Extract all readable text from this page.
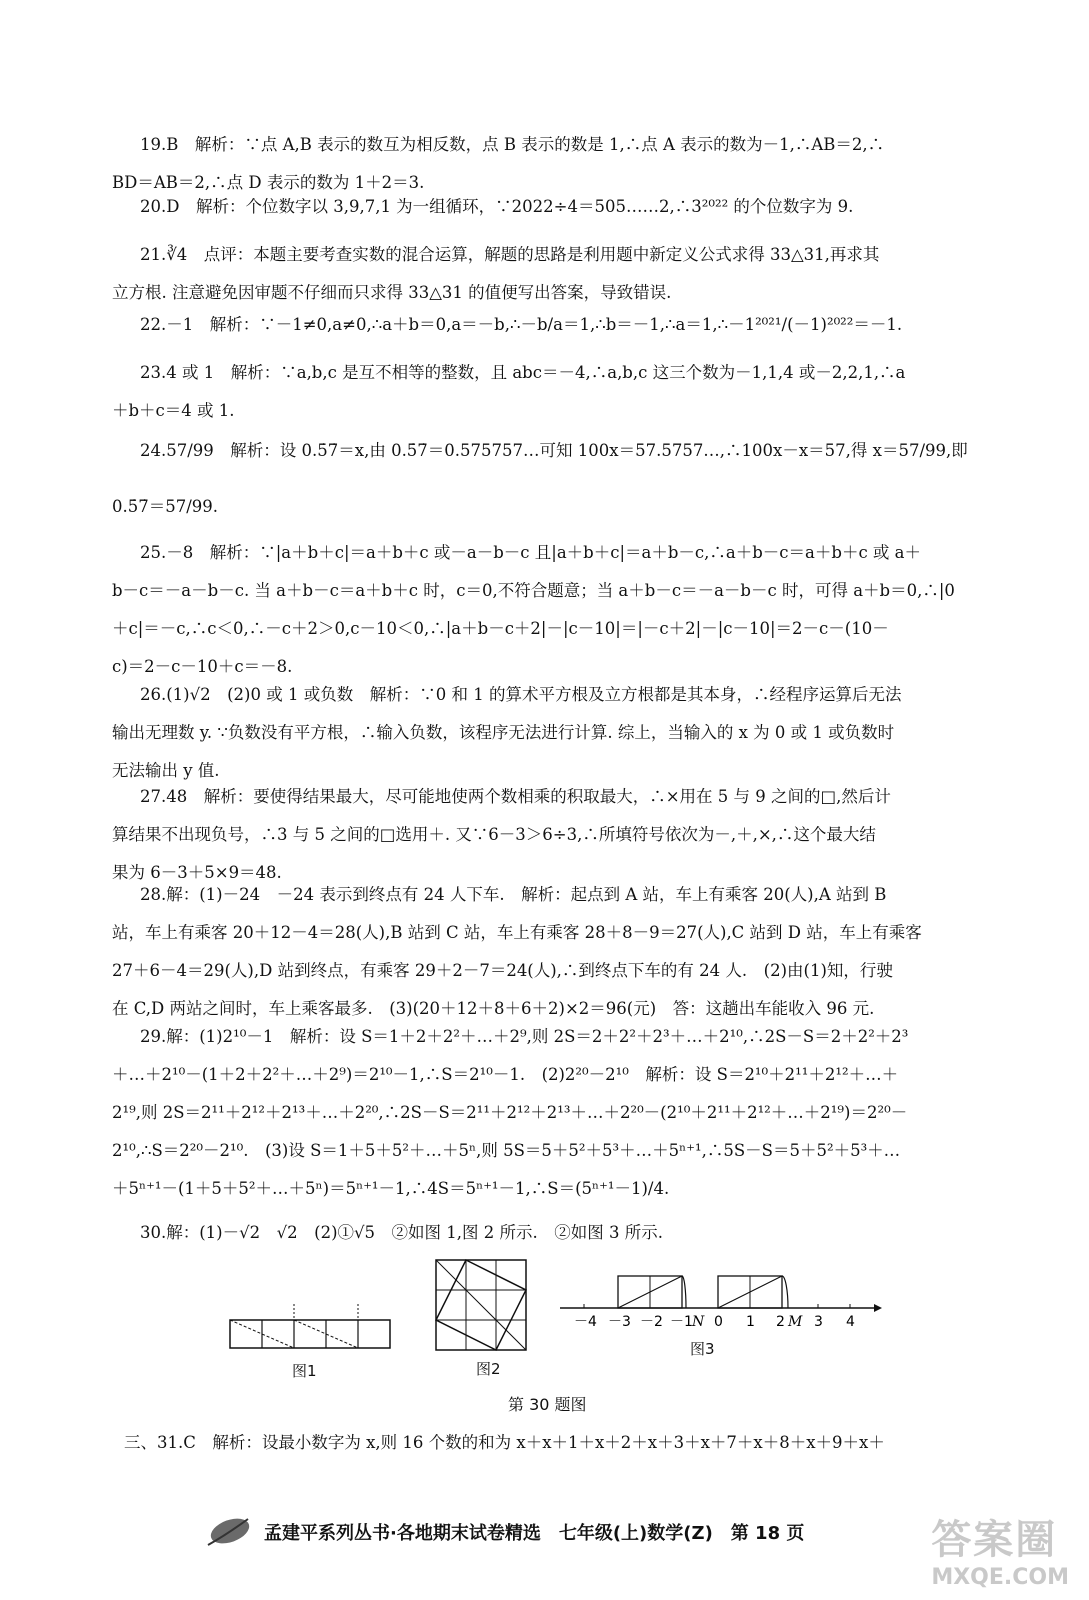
19.B　解析：∵点 A,B 表示的数互为相反数，点 B 表示的数是 1,∴点 A 表示的数为－1,∴AB＝2,∴
BD＝AB＝2,∴点 D 表示的数为 1＋2＝3.
20.D　解析：个位数字以 3,9,7,1 为一组循环，∵2022÷4＝505……2,∴3²⁰²² 的个位数字为 9.
21.∛4　点评：本题主要考查实数的混合运算，解题的思路是利用题中新定义公式求得 33△31,再求其
立方根. 注意避免因审题不仔细而只求得 33△31 的值便写出答案，导致错误.
22.－1　解析：∵－1≠0,a≠0,∴a＋b＝0,a＝－b,∴－b/a＝1,∴b＝－1,∴a＝1,∴－1²⁰²¹/(－1)²⁰²²＝－1.
23.4 或 1　解析：∵a,b,c 是互不相等的整数，且 abc＝－4,∴a,b,c 这三个数为－1,1,4 或－2,2,1,∴a
＋b＋c＝4 或 1.
24.57/99　解析：设 0.5̇7̇＝x,由 0.5̇7̇＝0.575757…可知 100x＝57.5757…,∴100x－x＝57,得 x＝57/99,即
0.5̇7̇＝57/99.
25.－8　解析：∵|a＋b＋c|＝a＋b＋c 或－a－b－c 且|a＋b＋c|＝a＋b－c,∴a＋b－c＝a＋b＋c 或 a＋
b－c＝－a－b－c. 当 a＋b－c＝a＋b＋c 时，c＝0,不符合题意；当 a＋b－c＝－a－b－c 时，可得 a＋b＝0,∴|0
＋c|＝－c,∴c＜0,∴－c＋2＞0,c－10＜0,∴|a＋b－c＋2|－|c－10|＝|－c＋2|－|c－10|＝2－c－(10－
c)＝2－c－10＋c＝－8.
26.(1)√2　(2)0 或 1 或负数　解析：∵0 和 1 的算术平方根及立方根都是其本身，∴经程序运算后无法
输出无理数 y. ∵负数没有平方根，∴输入负数，该程序无法进行计算. 综上，当输入的 x 为 0 或 1 或负数时
无法输出 y 值.
27.48　解析：要使得结果最大，尽可能地使两个数相乘的积取最大，∴×用在 5 与 9 之间的□,然后计
算结果不出现负号，∴3 与 5 之间的□选用＋. 又∵6－3＞6÷3,∴所填符号依次为－,＋,×,∴这个最大结
果为 6－3＋5×9＝48.
28.解：(1)－24　－24 表示到终点有 24 人下车.　解析：起点到 A 站，车上有乘客 20(人),A 站到 B
站，车上有乘客 20＋12－4＝28(人),B 站到 C 站，车上有乘客 28＋8－9＝27(人),C 站到 D 站，车上有乘客
27＋6－4＝29(人),D 站到终点，有乘客 29＋2－7＝24(人),∴到终点下车的有 24 人.　(2)由(1)知，行驶
在 C,D 两站之间时，车上乘客最多.　(3)(20＋12＋8＋6＋2)×2＝96(元)　答：这趟出车能收入 96 元.
29.解：(1)2¹⁰－1　解析：设 S＝1＋2＋2²＋…＋2⁹,则 2S＝2＋2²＋2³＋…＋2¹⁰,∴2S－S＝2＋2²＋2³
＋…＋2¹⁰－(1＋2＋2²＋…＋2⁹)＝2¹⁰－1,∴S＝2¹⁰－1.　(2)2²⁰－2¹⁰　解析：设 S＝2¹⁰＋2¹¹＋2¹²＋…＋
2¹⁹,则 2S＝2¹¹＋2¹²＋2¹³＋…＋2²⁰,∴2S－S＝2¹¹＋2¹²＋2¹³＋…＋2²⁰－(2¹⁰＋2¹¹＋2¹²＋…＋2¹⁹)＝2²⁰－
2¹⁰,∴S＝2²⁰－2¹⁰.　(3)设 S＝1＋5＋5²＋…＋5ⁿ,则 5S＝5＋5²＋5³＋…＋5ⁿ⁺¹,∴5S－S＝5＋5²＋5³＋…
＋5ⁿ⁺¹－(1＋5＋5²＋…＋5ⁿ)＝5ⁿ⁺¹－1,∴4S＝5ⁿ⁺¹－1,∴S＝(5ⁿ⁺¹－1)/4.
30.解：(1)－√2　√2　(2)①√5　②如图 1,图 2 所示.　②如图 3 所示.
图1	图2
－4 －3 －2 －1 N 0 1 2 M 3 4
图3
第 30 题图
三、31.C　解析：设最小数字为 x,则 16 个数的和为 x＋x＋1＋x＋2＋x＋3＋x＋7＋x＋8＋x＋9＋x＋
孟建平系列丛书·各地期末试卷精选　七年级(上)数学(Z)　第 18 页	答案圈
MXQE.COM
